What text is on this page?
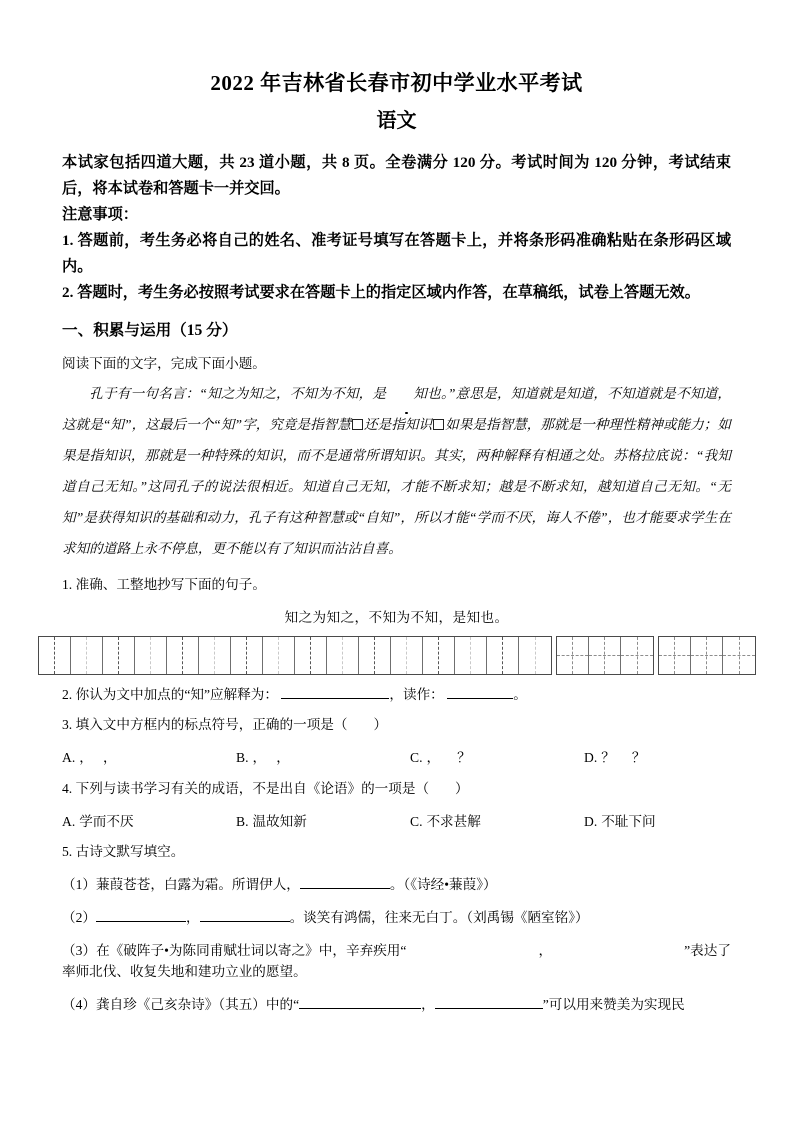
2022 年吉林省长春市初中学业水平考试
语文

本试家包括四道大题，共 23 道小题，共 8 页。全卷满分 120 分。考试时间为 120 分钟，考试结束后，将本试卷和答题卡一并交回。

注意事项：

1. 答题前，考生务必将自己的姓名、准考证号填写在答题卡上，并将条形码准确粘贴在条形码区域内。

2. 答题时，考生务必按照考试要求在答题卡上的指定区域内作答，在草稿纸，试卷上答题无效。

一、积累与运用（15 分）
阅读下面的文字，完成下面小题。

孔于有一句名言：“知之为知之，不知为不知，是 知也。”意思是，知道就是知道，不知道就是不知道，这就是“知”，这最后一个“知”字，究竟是指智慧 还是指知识 如果是指智慧，那就是一种理性精神或能力；如果是指知识，那就是一种特殊的知识，而不是通常所谓知识。其实，两种解释有相通之处。苏格拉底说：“我知道自己无知。”这同孔子的说法很相近。知道自己无知，才能不断求知；越是不断求知，越知道自己无知。“无知”是获得知识的基础和动力，孔子有这种智慧或“自知”，所以才能“学而不厌，诲人不倦”，也才能要求学生在求知的道路上永不停息，更不能以有了知识而沾沾自喜。

1. 准确、工整地抄写下面的句子。
知之为知之，不知为不知，是知也。
2. 你认为文中加点的“知”应解释为：	，读作：	。
3. 填入文中方框内的标点符号，正确的一项是（ ）
A. ， ，	B. ， ，	C. ， ？	D. ？ ？
4. 下列与读书学习有关的成语，不是出自《论语》的一项是（ ）
A. 学而不厌	B. 温故知新	C. 不求甚解	D. 不耻下问
5. 古诗文默写填空。
（1）蒹葭苍苍，白露为霜。所谓伊人，	。（《诗经•蒹葭》）
（2）	，	。谈笑有鸿儒，往来无白丁。（刘禹锡《陋室铭》）
（3）在《破阵子•为陈同甫赋壮词以寄之》中，辛弃疾用“	，	”表达了率师北伐、收复失地和建功立业的愿望。
（4）龚自珍《己亥杂诗》（其五）中的“	，	”可以用来赞美为实现民
